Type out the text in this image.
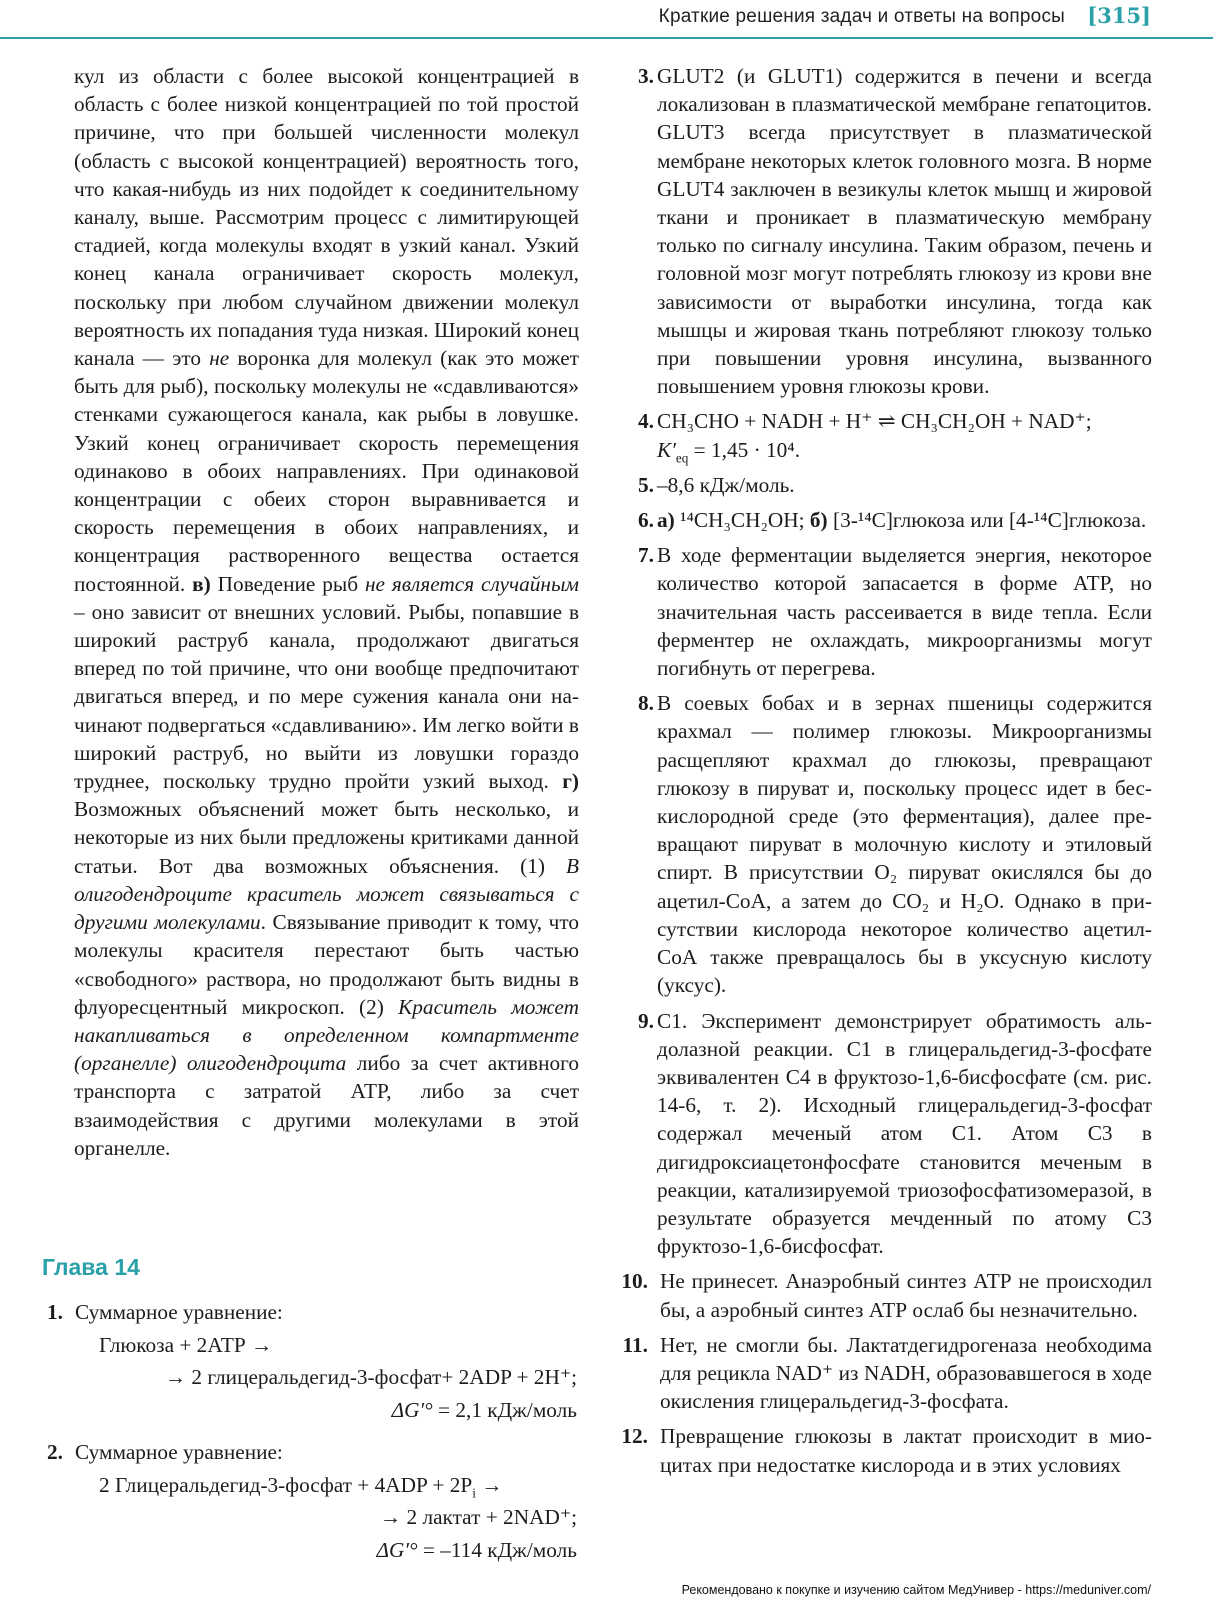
Краткие решения задач и ответы на вопросы [315]

кул из области с более высокой концентрацией в область с более низкой концентрацией по той простой причине, что при большей численности молекул (область с высокой концентрацией) вероятность того, что какая-нибудь из них подойдет к соединительному каналу, выше. Рассмотрим процесс с лимитирующей стадией, когда молекулы входят в узкий канал. Узкий конец канала ограничивает скорость молекул, поскольку при любом случайном движении молекул вероятность их попадания туда низкая. Широкий конец канала — это не воронка для молекул (как это может быть для рыб), поскольку молекулы не «сдавливаются» стенками сужающегося канала, как рыбы в ловушке. Узкий конец ограничивает скорость перемещения одинаково в обоих направлениях. При одинаковой концентрации с обеих сторон выравнивается и скорость перемещения в обоих направлениях, и концентрация растворенного вещества остается постоянной. в) Поведение рыб не является случайным – оно зависит от внешних условий. Рыбы, попавшие в широкий раструб канала, продолжают двигаться вперед по той причине, что они вообще предпочитают двигаться вперед, и по мере сужения канала они начинают подвергаться «сдавливанию». Им легко войти в широкий раструб, но выйти из ловушки гораздо труднее, поскольку трудно пройти узкий выход. г) Возможных объяснений может быть несколько, и некоторые из них были предложены критиками данной статьи. Вот два возможных объяснения. (1) В олигодендроците краситель может связываться с другими молекулами. Связывание приводит к тому, что молекулы красителя перестают быть частью «свободного» раствора, но продолжают быть видны в флуоресцентный микроскоп. (2) Краситель может накапливаться в определенном компартменте (органелле) олигодендроцита либо за счет активного транспорта с затратой АТР, либо за счет взаимодействия с другими молекулами в этой органелле.

Глава 14
1. Суммарное уравнение:
Глюкоза + 2АТР →
→ 2 глицеральдегид-3-фосфат+ 2ADP + 2H⁺;
ΔG′° = 2,1 кДж/моль
2. Суммарное уравнение:
2 Глицеральдегид-3-фосфат + $4ADP + 2P_i$ →
→ 2 лактат + 2NAD⁺;
ΔG′° = –114 кДж/моль

3. GLUT2 (и GLUT1) содержится в печени и всегда локализован в плазматической мембране гепатоцитов. GLUT3 всегда присутствует в плазматической мембране некоторых клеток головного мозга. В норме GLUT4 заключен в везикулы клеток мышц и жировой ткани и проникает в плазматическую мембрану только по сигналу инсулина. Таким образом, печень и головной мозг могут потреблять глюкозу из крови вне зависимости от выработки инсулина, тогда как мышцы и жировая ткань потребляют глюкозу только при повышении уровня инсулина, вызванного повышением уровня глюкозы крови.

4. CH₃CHO + NADH + H⁺ ⇌ CH₃CH₂OH + NAD⁺;
$K'_{eq} = 1,45 \cdot 10^4$.

5. –8,6 кДж/моль.

6. а) ¹⁴CH₃CH₂OH; б) [3-¹⁴C]глюкоза или [4-¹⁴C]глюкоза.

7. В ходе ферментации выделяется энергия, некоторое количество которой запасается в форме АТР, но значительная часть рассеивается в виде тепла. Если ферментер не охлаждать, микроорганизмы могут погибнуть от перегрева.

8. В соевых бобах и в зернах пшеницы содержится крахмал — полимер глюкозы. Микроорганизмы расщепляют крахмал до глюкозы, превращают глюкозу в пируват и, поскольку процесс идет в бескислородной среде (это ферментация), далее превращают пируват в молочную кислоту и этиловый спирт. В присутствии O₂ пируват окислялся бы до ацетил-СоА, а затем до CO₂ и H₂O. Однако в присутствии кислорода некоторое количество ацетил-СоА также превращалось бы в уксусную кислоту (уксус).

9. С1. Эксперимент демонстрирует обратимость альдолазной реакции. С1 в глицеральдегид-3-фосфате эквивалентен С4 в фруктозо-1,6-бисфосфате (см. рис. 14-6, т. 2). Исходный глицеральдегид-3-фосфат содержал меченый атом С1. Атом С3 в дигидроксиацетонфосфате становится меченым в реакции, катализируемой триозофосфатизомеразой, в результате образуется мечденный по атому С3 фруктозо-1,6-бисфосфат.

10. Не принесет. Анаэробный синтез АТР не происходил бы, а аэробный синтез АТР ослаб бы незначительно.

11. Нет, не смогли бы. Лактатдегидрогеназа необходима для рецикла NAD⁺ из NADH, образовавшегося в ходе окисления глицеральдегид-3-фосфата.

12. Превращение глюкозы в лактат происходит в миоцитах при недостатке кислорода и в этих условиях

Рекомендовано к покупке и изучению сайтом МедУнивер - https://meduniver.com/
